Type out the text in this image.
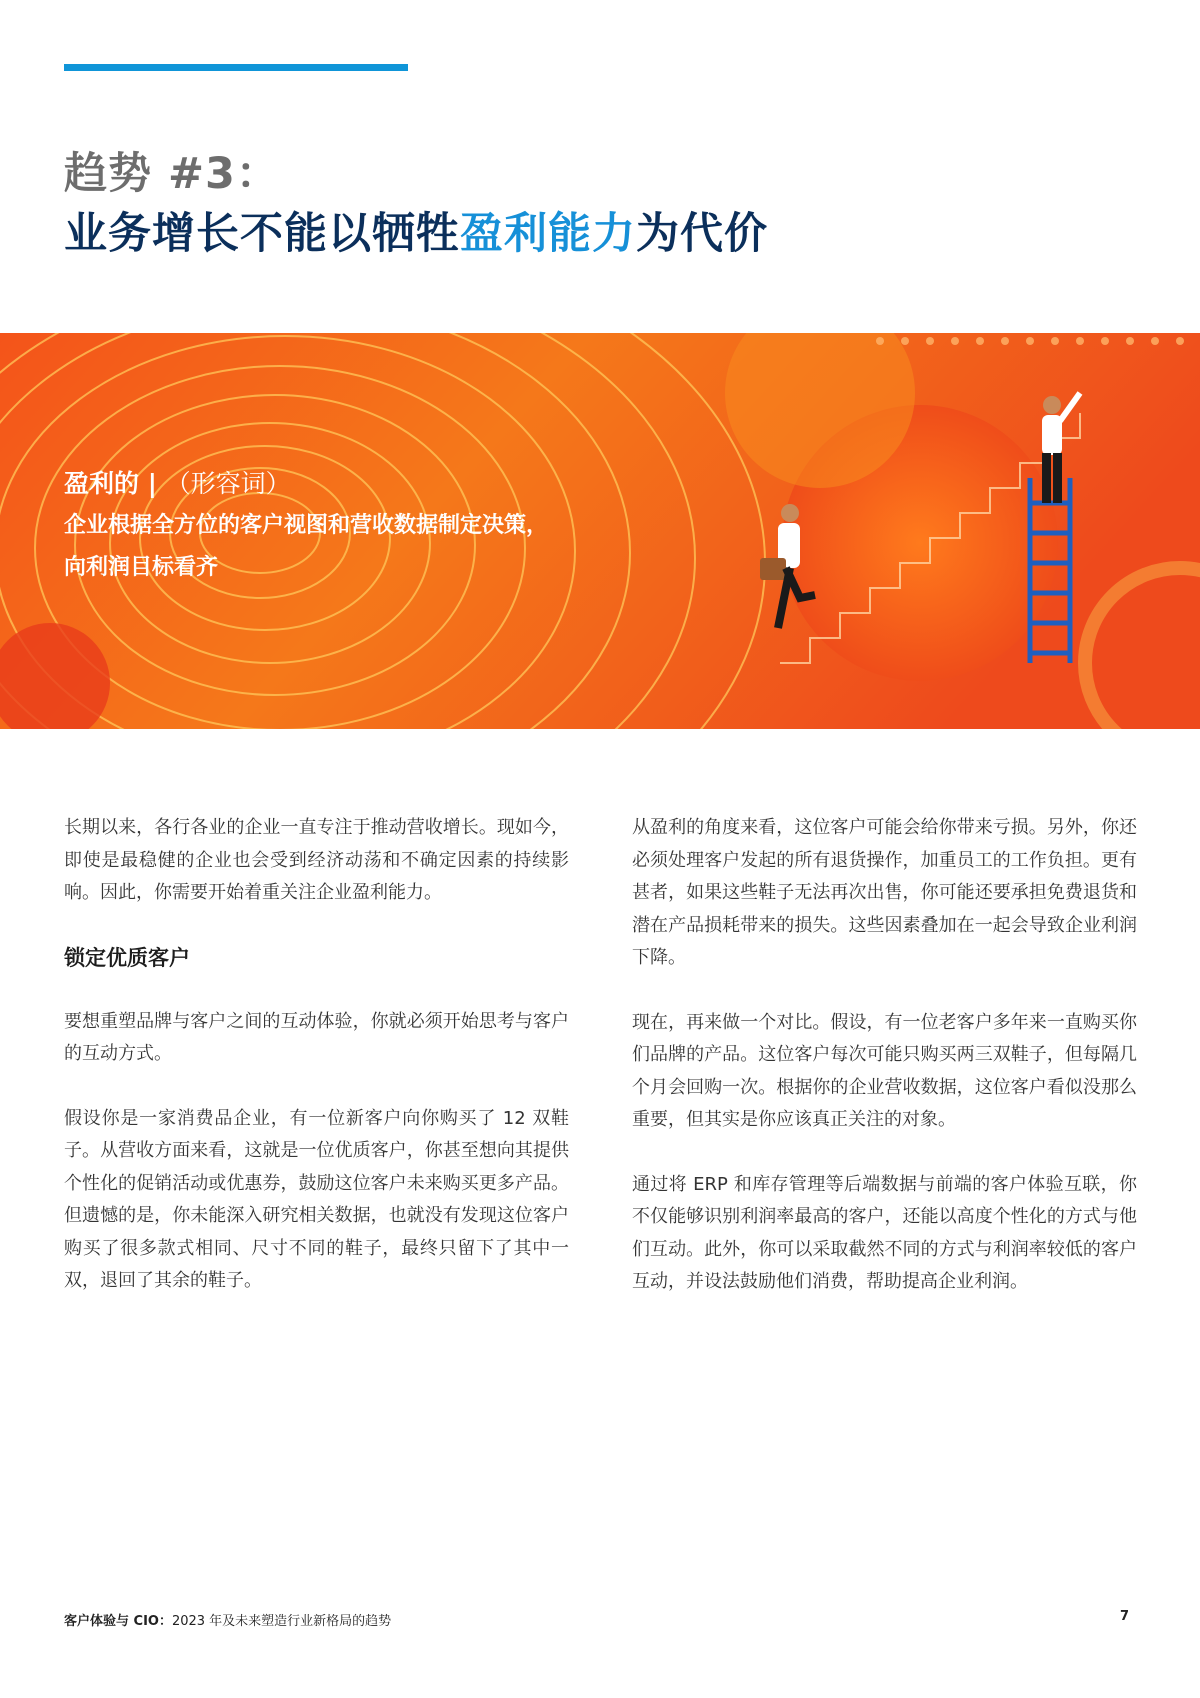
趋势 #3：
业务增长不能以牺牲盈利能力为代价
盈利的 | （形容词）
企业根据全方位的客户视图和营收数据制定决策，
向利润目标看齐

长期以来，各行各业的企业一直专注于推动营收增长。现如今，即使是最稳健的企业也会受到经济动荡和不确定因素的持续影响。因此，你需要开始着重关注企业盈利能力。

锁定优质客户

要想重塑品牌与客户之间的互动体验，你就必须开始思考与客户的互动方式。

假设你是一家消费品企业，有一位新客户向你购买了 12 双鞋子。从营收方面来看，这就是一位优质客户，你甚至想向其提供个性化的促销活动或优惠券，鼓励这位客户未来购买更多产品。但遗憾的是，你未能深入研究相关数据，也就没有发现这位客户购买了很多款式相同、尺寸不同的鞋子，最终只留下了其中一双，退回了其余的鞋子。

从盈利的角度来看，这位客户可能会给你带来亏损。另外，你还必须处理客户发起的所有退货操作，加重员工的工作负担。更有甚者，如果这些鞋子无法再次出售，你可能还要承担免费退货和潜在产品损耗带来的损失。这些因素叠加在一起会导致企业利润下降。

现在，再来做一个对比。假设，有一位老客户多年来一直购买你们品牌的产品。这位客户每次可能只购买两三双鞋子，但每隔几个月会回购一次。根据你的企业营收数据，这位客户看似没那么重要，但其实是你应该真正关注的对象。

通过将 ERP 和库存管理等后端数据与前端的客户体验互联，你不仅能够识别利润率最高的客户，还能以高度个性化的方式与他们互动。此外，你可以采取截然不同的方式与利润率较低的客户互动，并设法鼓励他们消费，帮助提高企业利润。

客户体验与 CIO：2023 年及未来塑造行业新格局的趋势	7
